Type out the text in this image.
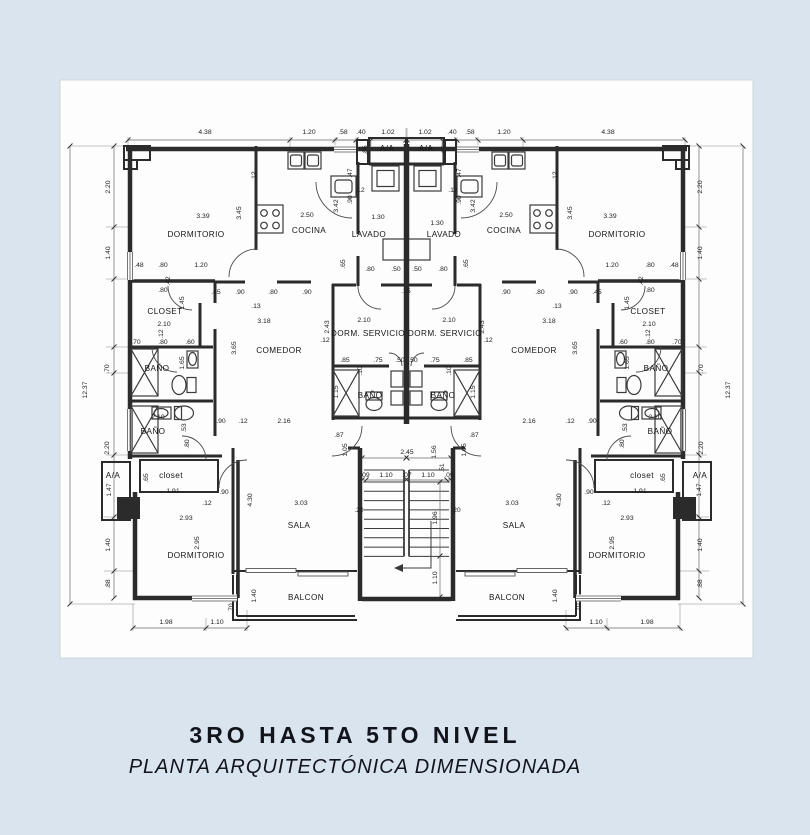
DORMITORIO	DORMITORIO
COCINA	COCINA
LAVADO	LAVADO
A/A	A/A
CLOSET	CLOSET
BAÑO	BAÑO
BAÑO	BAÑO
DORM. SERVICIO DORM. SERVICIO
BAÑO	BAÑO
COMEDOR	COMEDOR
A/A	A/A
closet	closet
SALA	SALA
DORMITORIO	DORMITORIO
BALCON	BALCON
4.38	1.20	.58 .40 1.02	1.02 .40 .58	1.20	4.38
.85	.85
2.20
1.40
.70
2.20
1.47
1.40
.88
12.37
2.20
1.40
.70
2.20
1.47
1.40
.88
12.37
3.39	3.45
.12
3.39
3.45
.12
2.50	2.50
3.42	3.42
1.30
1.30
.47	.47
.90	.90
.12	.12
.48 .80	1.20	1.20	.80 .48
.42	.42
.80	.80
.45 .90	.80	.90	.90	.80	.90 .45
.13	.13
.80 .50 .50 .80
.65	.65
.15
1.45	1.45
2.10	2.10
.70	.80	.60	.60	.80	.70
.12	.12
3.18	3.18
3.65	3.65
2.43	2.43
.12	.12
2.10	2.10
.85	.75 .50 .50 .75	.85
.10	.10
1.15	1.15
1.65	1.65
2.10	2.10
.53	.53
.80	.80
.90 .12	2.16	2.16	.12 .90
.87	.87
1.05	1.05
.65	.65
1.91	1.91
.90	.90
.12	.12
2.93	2.93
2.95	2.95
3.03	3.03
4.30	4.30
1.40	1.40
1.98	1.10	1.10	1.98
.70	.70
2.45	1.56
.09 1.10 .07 1.10 .09
.51
1.96
1.10
.20	.20
3RO HASTA 5TO NIVEL
PLANTA ARQUITECTÓNICA DIMENSIONADA
